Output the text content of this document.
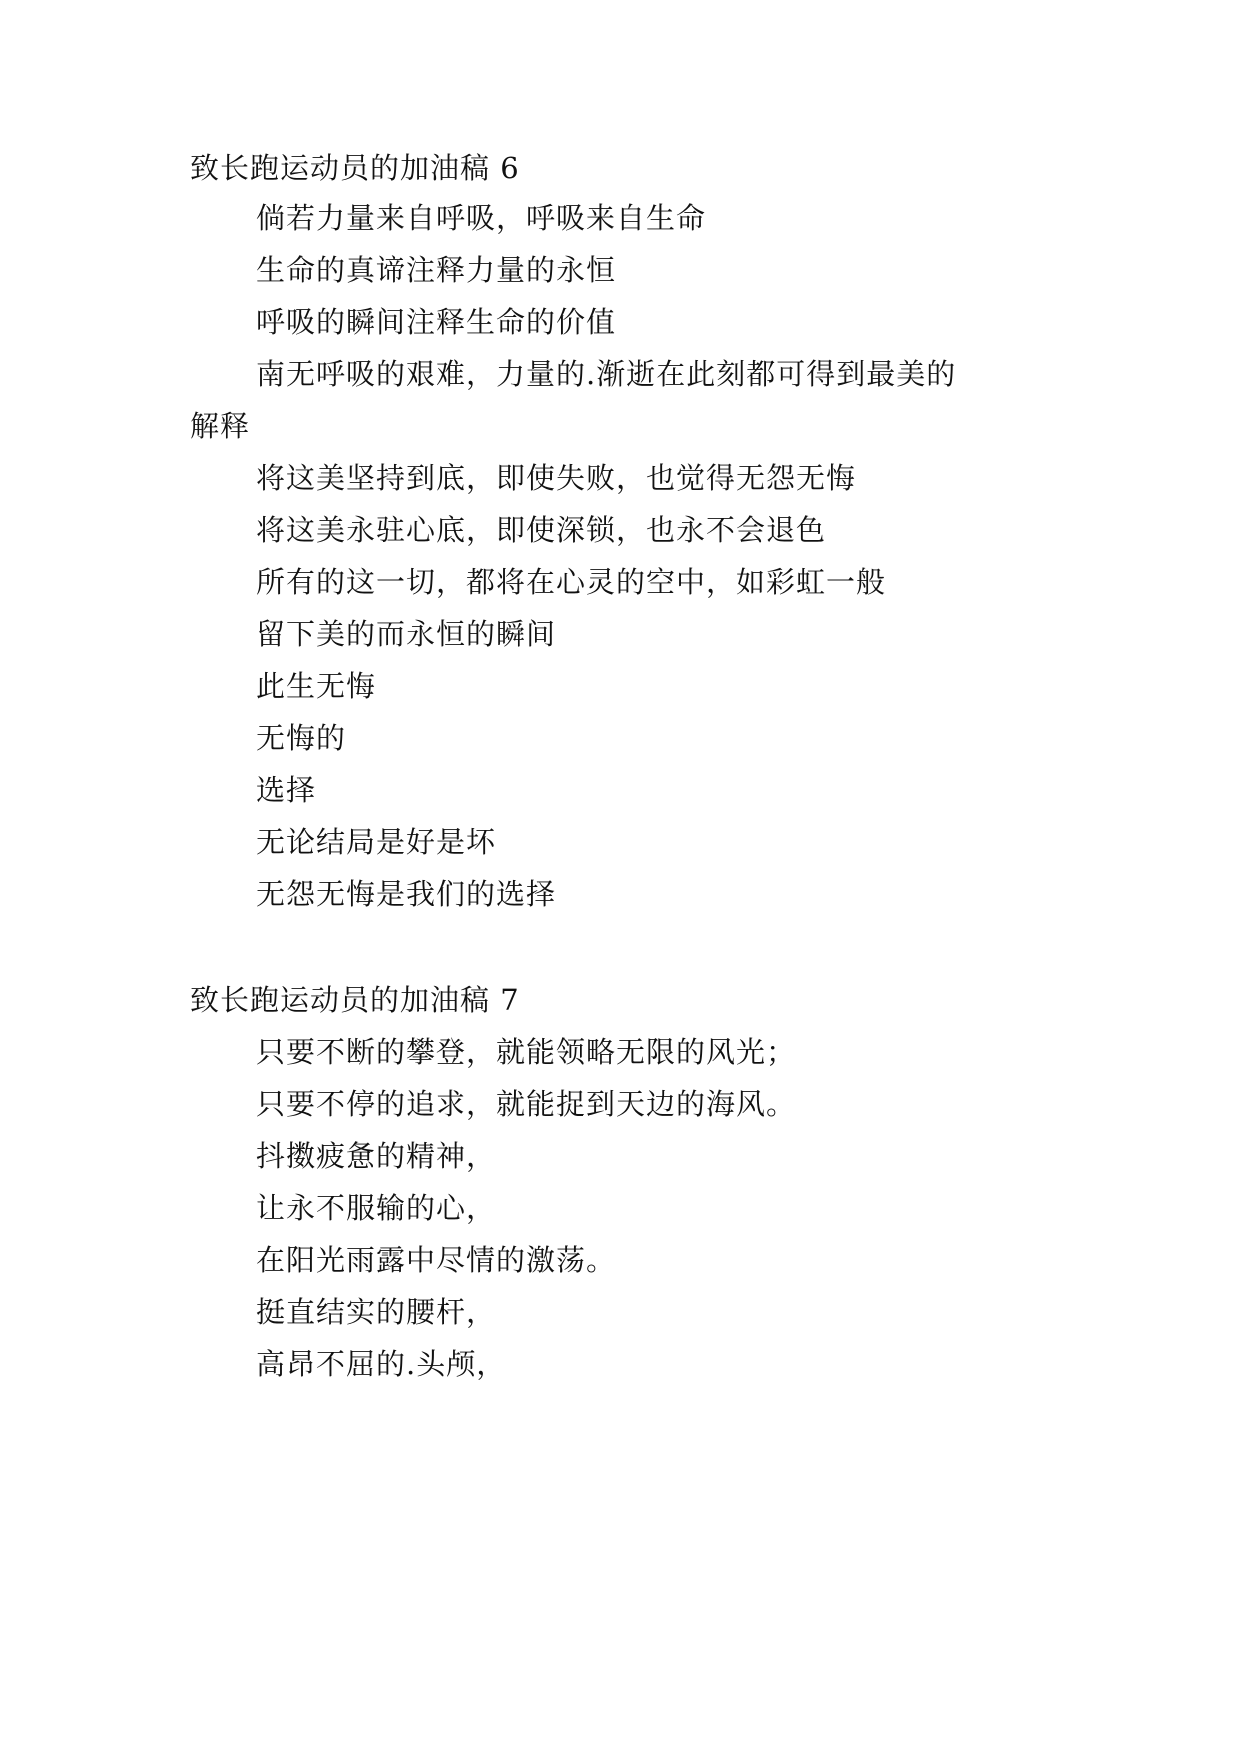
致长跑运动员的加油稿 6
倘若力量来自呼吸，呼吸来自生命
生命的真谛注释力量的永恒
呼吸的瞬间注释生命的价值
南无呼吸的艰难，力量的.渐逝在此刻都可得到最美的
解释
将这美坚持到底，即使失败，也觉得无怨无悔
将这美永驻心底，即使深锁，也永不会退色
所有的这一切，都将在心灵的空中，如彩虹一般
留下美的而永恒的瞬间
此生无悔
无悔的
选择
无论结局是好是坏
无怨无悔是我们的选择
致长跑运动员的加油稿 7
只要不断的攀登，就能领略无限的风光；
只要不停的追求，就能捉到天边的海风。
抖擞疲惫的精神，
让永不服输的心，
在阳光雨露中尽情的激荡。
挺直结实的腰杆，
高昂不屈的.头颅，
